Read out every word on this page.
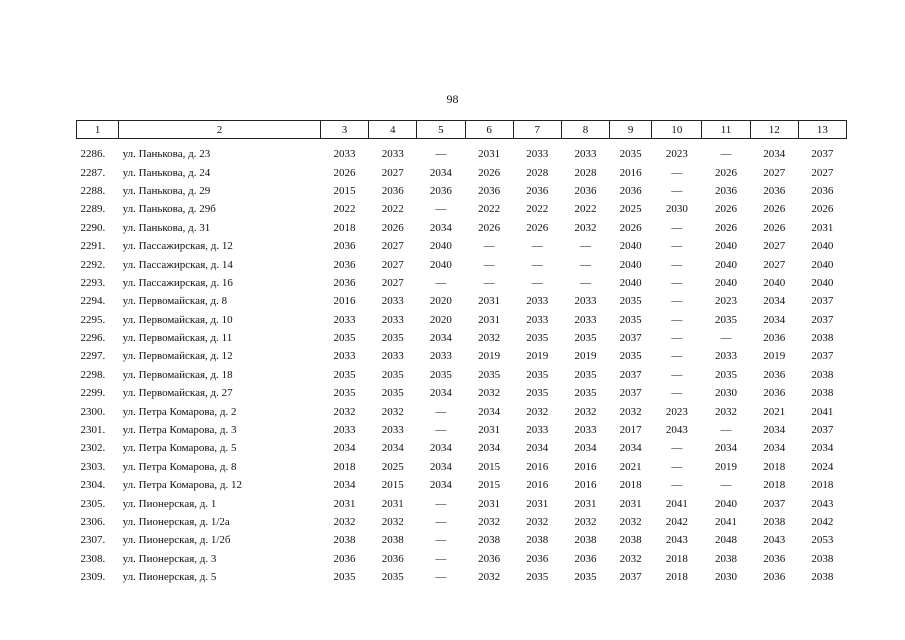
98
1	2	3	4	5	6	7	8	9	10	11	12	13
2286.	ул. Панькова, д. 23	2033	2033	—	2031	2033	2033	2035	2023	—	2034	2037
2287.	ул. Панькова, д. 24	2026	2027	2034	2026	2028	2028	2016	—	2026	2027	2027
2288.	ул. Панькова, д. 29	2015	2036	2036	2036	2036	2036	2036	—	2036	2036	2036
2289.	ул. Панькова, д. 29б	2022	2022	—	2022	2022	2022	2025	2030	2026	2026	2026
2290.	ул. Панькова, д. 31	2018	2026	2034	2026	2026	2032	2026	—	2026	2026	2031
2291.	ул. Пассажирская, д. 12	2036	2027	2040	—	—	—	2040	—	2040	2027	2040
2292.	ул. Пассажирская, д. 14	2036	2027	2040	—	—	—	2040	—	2040	2027	2040
2293.	ул. Пассажирская, д. 16	2036	2027	—	—	—	—	2040	—	2040	2040	2040
2294.	ул. Первомайская, д. 8	2016	2033	2020	2031	2033	2033	2035	—	2023	2034	2037
2295.	ул. Первомайская, д. 10	2033	2033	2020	2031	2033	2033	2035	—	2035	2034	2037
2296.	ул. Первомайская, д. 11	2035	2035	2034	2032	2035	2035	2037	—	—	2036	2038
2297.	ул. Первомайская, д. 12	2033	2033	2033	2019	2019	2019	2035	—	2033	2019	2037
2298.	ул. Первомайская, д. 18	2035	2035	2035	2035	2035	2035	2037	—	2035	2036	2038
2299.	ул. Первомайская, д. 27	2035	2035	2034	2032	2035	2035	2037	—	2030	2036	2038
2300.	ул. Петра Комарова, д. 2	2032	2032	—	2034	2032	2032	2032	2023	2032	2021	2041
2301.	ул. Петра Комарова, д. 3	2033	2033	—	2031	2033	2033	2017	2043	—	2034	2037
2302.	ул. Петра Комарова, д. 5	2034	2034	2034	2034	2034	2034	2034	—	2034	2034	2034
2303.	ул. Петра Комарова, д. 8	2018	2025	2034	2015	2016	2016	2021	—	2019	2018	2024
2304.	ул. Петра Комарова, д. 12	2034	2015	2034	2015	2016	2016	2018	—	—	2018	2018
2305.	ул. Пионерская, д. 1	2031	2031	—	2031	2031	2031	2031	2041	2040	2037	2043
2306.	ул. Пионерская, д. 1/2а	2032	2032	—	2032	2032	2032	2032	2042	2041	2038	2042
2307.	ул. Пионерская, д. 1/2б	2038	2038	—	2038	2038	2038	2038	2043	2048	2043	2053
2308.	ул. Пионерская, д. 3	2036	2036	—	2036	2036	2036	2032	2018	2038	2036	2038
2309.	ул. Пионерская, д. 5	2035	2035	—	2032	2035	2035	2037	2018	2030	2036	2038
